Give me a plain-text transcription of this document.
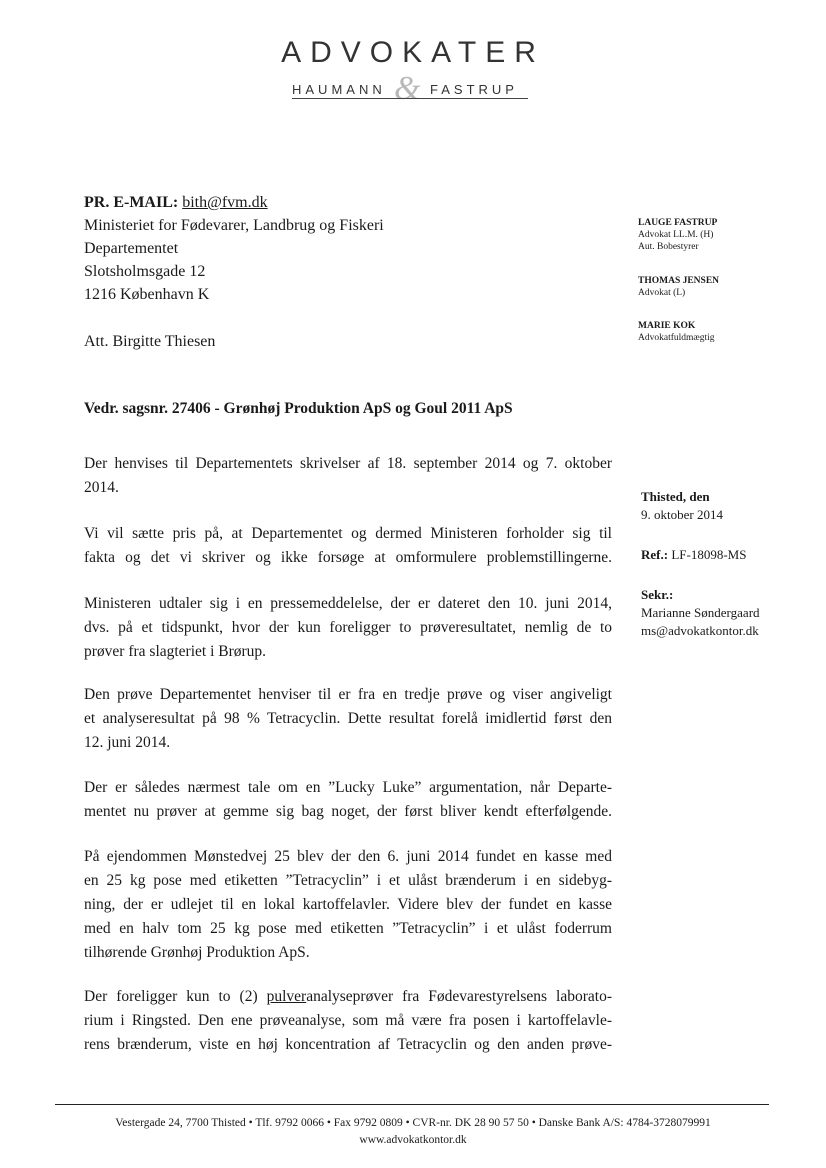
ADVOKATER
HAUMANN & FASTRUP
PR. E-MAIL: bith@fvm.dk
Ministeriet for Fødevarer, Landbrug og Fiskeri
Departementet
Slotsholmsgade 12
1216 København K
Att. Birgitte Thiesen
Vedr. sagsnr. 27406 - Grønhøj Produktion ApS og Goul 2011 ApS
Der henvises til Departementets skrivelser af 18. september 2014 og 7. oktober
2014.
Vi vil sætte pris på, at Departementet og dermed Ministeren forholder sig til
fakta og det vi skriver og ikke forsøge at omformulere problemstillingerne.
Ministeren udtaler sig i en pressemeddelelse, der er dateret den 10. juni 2014,
dvs. på et tidspunkt, hvor der kun foreligger to prøveresultatet, nemlig de to
prøver fra slagteriet i Brørup.
Den prøve Departementet henviser til er fra en tredje prøve og viser angiveligt
et analyseresultat på 98 % Tetracyclin. Dette resultat forelå imidlertid først den
12. juni 2014.
Der er således nærmest tale om en ”Lucky Luke” argumentation, når Departe-
mentet nu prøver at gemme sig bag noget, der først bliver kendt efterfølgende.
På ejendommen Mønstedvej 25 blev der den 6. juni 2014 fundet en kasse med
en 25 kg pose med etiketten ”Tetracyclin” i et ulåst brænderum i en sidebyg-
ning, der er udlejet til en lokal kartoffelavler. Videre blev der fundet en kasse
med en halv tom 25 kg pose med etiketten ”Tetracyclin” i et ulåst foderrum
tilhørende Grønhøj Produktion ApS.
Der foreligger kun to (2) pulveranalyseprøver fra Fødevarestyrelsens laborato-
rium i Ringsted. Den ene prøveanalyse, som må være fra posen i kartoffelavle-
rens brænderum, viste en høj koncentration af Tetracyclin og den anden prøve-
LAUGE FASTRUP
Advokat LL.M. (H)
Aut. Bobestyrer
THOMAS JENSEN
Advokat (L)
MARIE KOK
Advokatfuldmægtig
Thisted, den
9. oktober 2014
Ref.: LF-18098-MS
Sekr.:
Marianne Søndergaard
ms@advokatkontor.dk
Vestergade 24, 7700 Thisted • Tlf. 9792 0066 • Fax 9792 0809 • CVR-nr. DK 28 90 57 50 • Danske Bank A/S: 4784-3728079991
www.advokatkontor.dk
